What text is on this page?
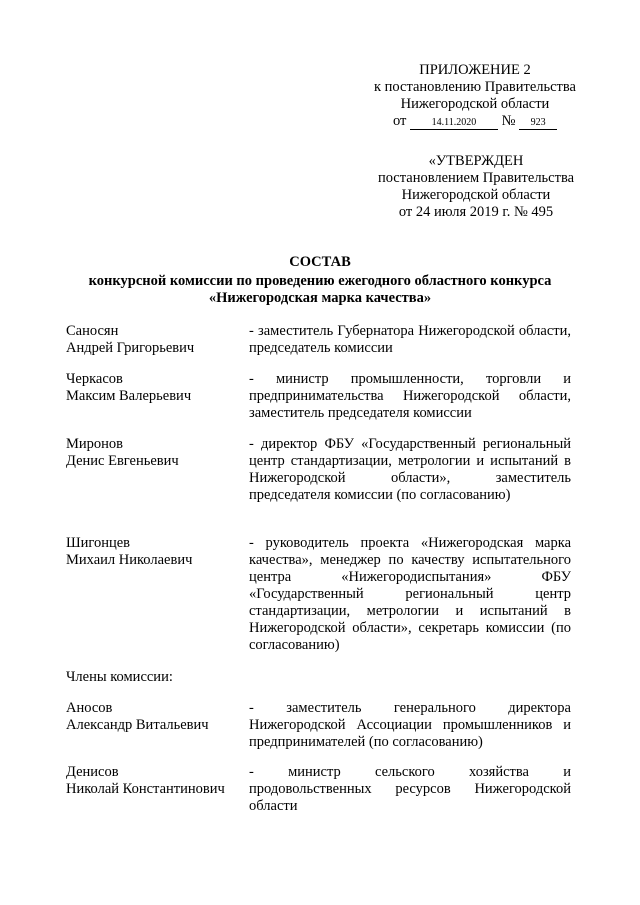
ПРИЛОЖЕНИЕ 2
к постановлению Правительства
Нижегородской области
от	14.11.2020 № 923
«УТВЕРЖДЕН
постановлением Правительства
Нижегородской области
от 24 июля 2019 г. № 495
СОСТАВ
конкурсной комиссии по проведению ежегодного областного конкурса
«Нижегородская марка качества»
Саносян
Андрей Григорьевич
- заместитель Губернатора Нижегородской области, председатель комиссии
Черкасов
Максим Валерьевич
- министр промышленности, торговли и предпринимательства Нижегородской области, заместитель председателя комиссии
Миронов
Денис Евгеньевич
- директор ФБУ «Государственный региональный центр стандартизации, метрологии и испытаний в Нижегородской области», заместитель председателя комиссии (по согласованию)
Шигонцев
Михаил Николаевич
- руководитель проекта «Нижегородская марка качества», менеджер по качеству испытательного центра «Нижегородиспытания» ФБУ «Государственный региональный центр стандартизации, метрологии и испытаний в Нижегородской области», секретарь комиссии (по согласованию)
Члены комиссии:
Аносов
Александр Витальевич
- заместитель генерального директора Нижегородской Ассоциации промышленников и предпринимателей (по согласованию)
Денисов
Николай Константинович
- министр сельского хозяйства и продовольственных ресурсов Нижегородской области
